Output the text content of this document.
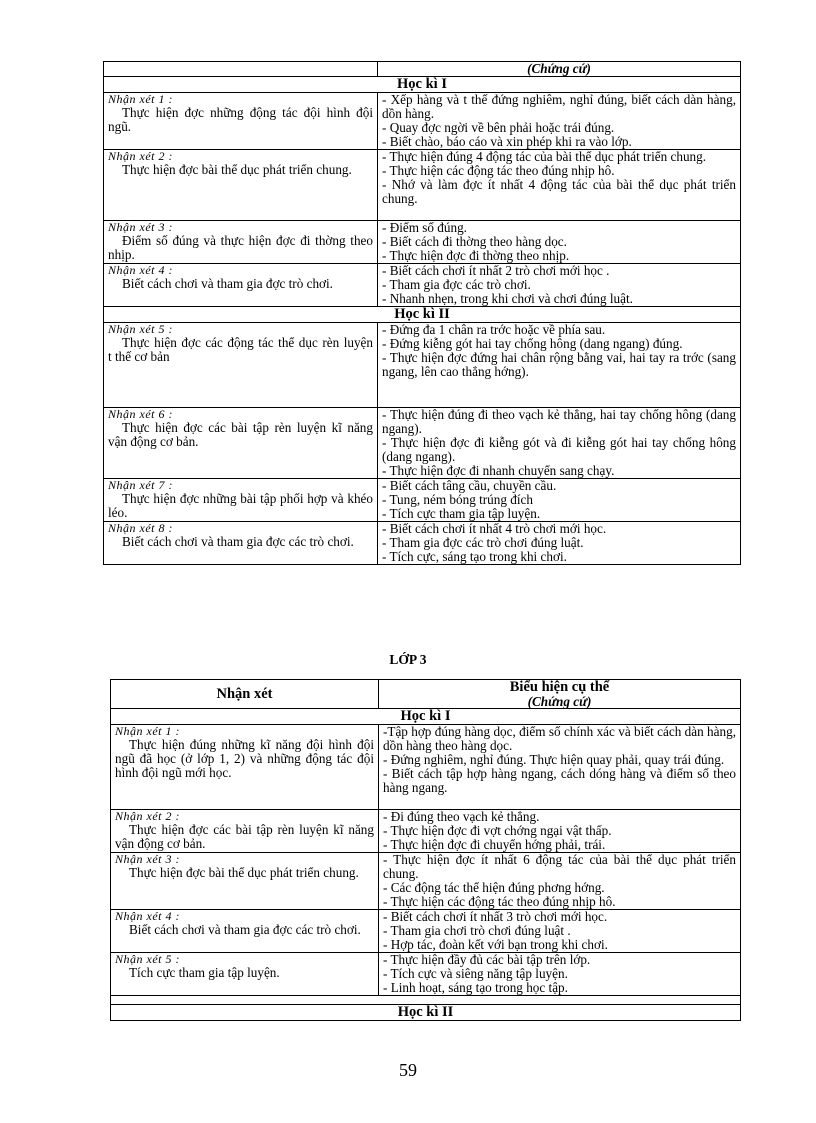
	(Chứng cứ)

Học kì I	

Nhận xét 1 :
Thực hiện đợc những động tác đội hình đội ngũ.	- Xếp hàng và t thế đứng nghiêm, nghỉ đúng, biết cách dàn hàng, dồn hàng.
- Quay đợc ngời về bên phải hoặc trái đúng.
- Biết chào, báo cáo và xin phép khi ra vào lớp.

Nhận xét 2 :
Thực hiện đợc bài thể dục phát triển chung.	- Thực hiện đúng 4 động tác của bài thể dục phát triển chung.
- Thực hiện các động tác theo đúng nhịp hô.
- Nhớ và làm đợc ít nhất 4 động tác của bài thể dục phát triển chung.

Nhận xét 3 :
Điểm số đúng và thực hiện đợc đi thờng theo nhịp.	- Điểm số đúng.
- Biết cách đi thờng theo hàng dọc.
- Thực hiện đợc đi thờng theo nhịp.

Nhận xét 4 :
Biết cách chơi và tham gia đợc trò chơi.	- Biết cách chơi ít nhất 2 trò chơi mới học .
- Tham gia đợc các trò chơi.
- Nhanh nhẹn, trong khi chơi và chơi đúng luật.

Học kì II	

Nhận xét 5 :
Thực hiện đợc các động tác thể dục rèn luyện t thế cơ bản	- Đứng đa 1 chân ra trớc hoặc về phía sau.
- Đứng kiễng gót hai tay chống hông (dang ngang) đúng.
- Thực hiện đợc đứng hai chân rộng bằng vai, hai tay ra trớc (sang ngang, lên cao thẳng hớng).

Nhận xét 6 :
Thực hiện đợc các bài tập rèn luyện kĩ năng vận động cơ bản.	- Thực hiện đúng đi theo vạch kẻ thẳng, hai tay chống hông (dang ngang).
- Thực hiện đợc đi kiễng gót và đi kiễng gót hai tay chống hông (dang ngang).
- Thực hiện đợc đi nhanh chuyển sang chạy.

Nhận xét 7 :
Thực hiện đợc những bài tập phối hợp và khéo léo.	- Biết cách tâng cầu, chuyền cầu.
- Tung, ném bóng trúng đích
- Tích cực tham gia tập luyện.

Nhận xét 8 :
Biết cách chơi và tham gia đợc các trò chơi.	- Biết cách chơi ít nhất 4 trò chơi mới học.
- Tham gia đợc các trò chơi đúng luật.
- Tích cực, sáng tạo trong khi chơi.
LỚP 3
Nhận xét	Biểu hiện cụ thể
(Chứng cứ)

Học kì I	

Nhận xét 1 :
Thực hiện đúng những kĩ năng đội hình đội ngũ đã học (ở lớp 1, 2) và những động tác đội hình đội ngũ mới học.	-Tập hợp đúng hàng dọc, điểm số chính xác và biết cách dàn hàng, dồn hàng theo hàng dọc.
- Đứng nghiêm, nghỉ đúng. Thực hiện quay phải, quay trái đúng.
- Biết cách tập hợp hàng ngang, cách dóng hàng và điểm số theo hàng ngang.

Nhận xét 2 :
Thực hiện đợc các bài tập rèn luyện kĩ năng vận động cơ bản.	- Đi đúng theo vạch kẻ thẳng.
- Thực hiện đợc đi vợt chớng ngại vật thấp.
- Thực hiện đợc đi chuyển hớng phải, trái.

Nhận xét 3 :
Thực hiện đợc bài thể dục phát triển chung.	- Thực hiện đợc ít nhất 6 động tác của bài thể dục phát triển chung.
- Các động tác thể hiện đúng phơng hớng.
- Thực hiện các động tác theo đúng nhịp hô.

Nhận xét 4 :
Biết cách chơi và tham gia đợc các trò chơi.	- Biết cách chơi ít nhất 3 trò chơi mới học.
- Tham gia chơi trò chơi đúng luật .
- Hợp tác, đoàn kết với bạn trong khi chơi.

Nhận xét 5 :
Tích cực tham gia tập luyện.	- Thực hiện đầy đủ các bài tập trên lớp.
- Tích cực và siêng năng tập luyện.
- Linh hoạt, sáng tạo trong học tập.

Học kì II	
59
